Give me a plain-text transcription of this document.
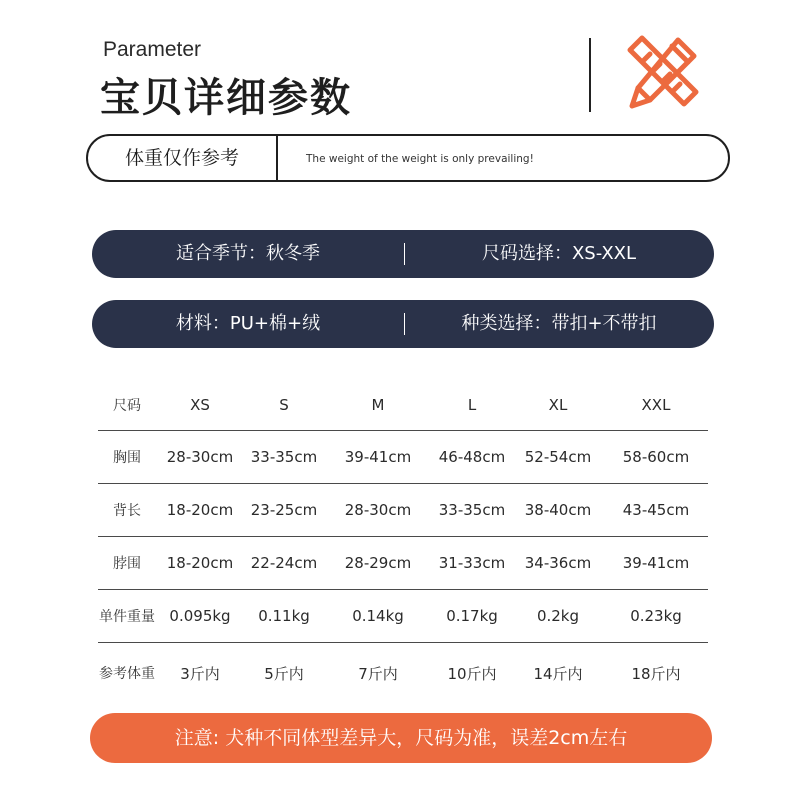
Parameter
宝贝详细参数
体重仅作参考	The weight of the weight is only prevailing!
适合季节：秋冬季	尺码选择：XS-XXL
材料：PU+棉+绒	种类选择：带扣+不带扣
尺码	XS	S	M	L	XL	XXL
胸围	28-30cm	33-35cm	39-41cm	46-48cm	52-54cm	58-60cm
背长	18-20cm	23-25cm	28-30cm	33-35cm	38-40cm	43-45cm
脖围	18-20cm	22-24cm	28-29cm	31-33cm	34-36cm	39-41cm
单件重量	0.095kg	0.11kg	0.14kg	0.17kg	0.2kg	0.23kg
参考体重	3斤内	5斤内	7斤内	10斤内	14斤内	18斤内
注意: 犬种不同体型差异大，尺码为准，误差2cm左右
